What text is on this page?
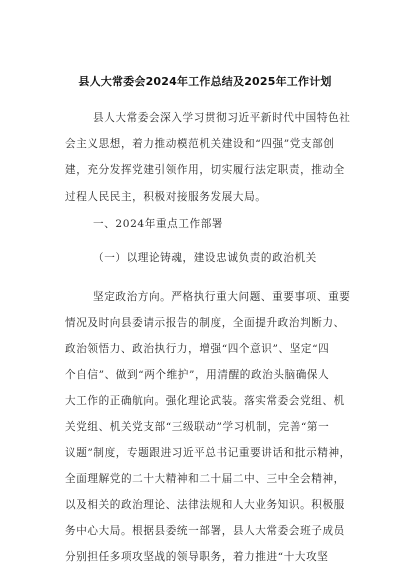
县人大常委会2024年工作总结及2025年工作计划

县人大常委会深入学习贯彻习近平新时代中国特色社

会主义思想，着力推动模范机关建设和“四强”党支部创

建，充分发挥党建引领作用，切实履行法定职责，推动全

过程人民民主，积极对接服务发展大局。

一、2024年重点工作部署

（一）以理论铸魂，建设忠诚负责的政治机关

坚定政治方向。严格执行重大问题、重要事项、重要

情况及时向县委请示报告的制度，全面提升政治判断力、

政治领悟力、政治执行力，增强“四个意识”、坚定“四

个自信”、做到“两个维护”，用清醒的政治头脑确保人

大工作的正确航向。强化理论武装。落实常委会党组、机

关党组、机关党支部“三级联动”学习机制，完善“第一

议题”制度，专题跟进习近平总书记重要讲话和批示精神，

全面理解党的二十大精神和二十届二中、三中全会精神，

以及相关的政治理论、法律法规和人大业务知识。积极服

务中心大局。根据县委统一部署，县人大常委会班子成员

分别担任多项攻坚战的领导职务，着力推进“十大攻坚
